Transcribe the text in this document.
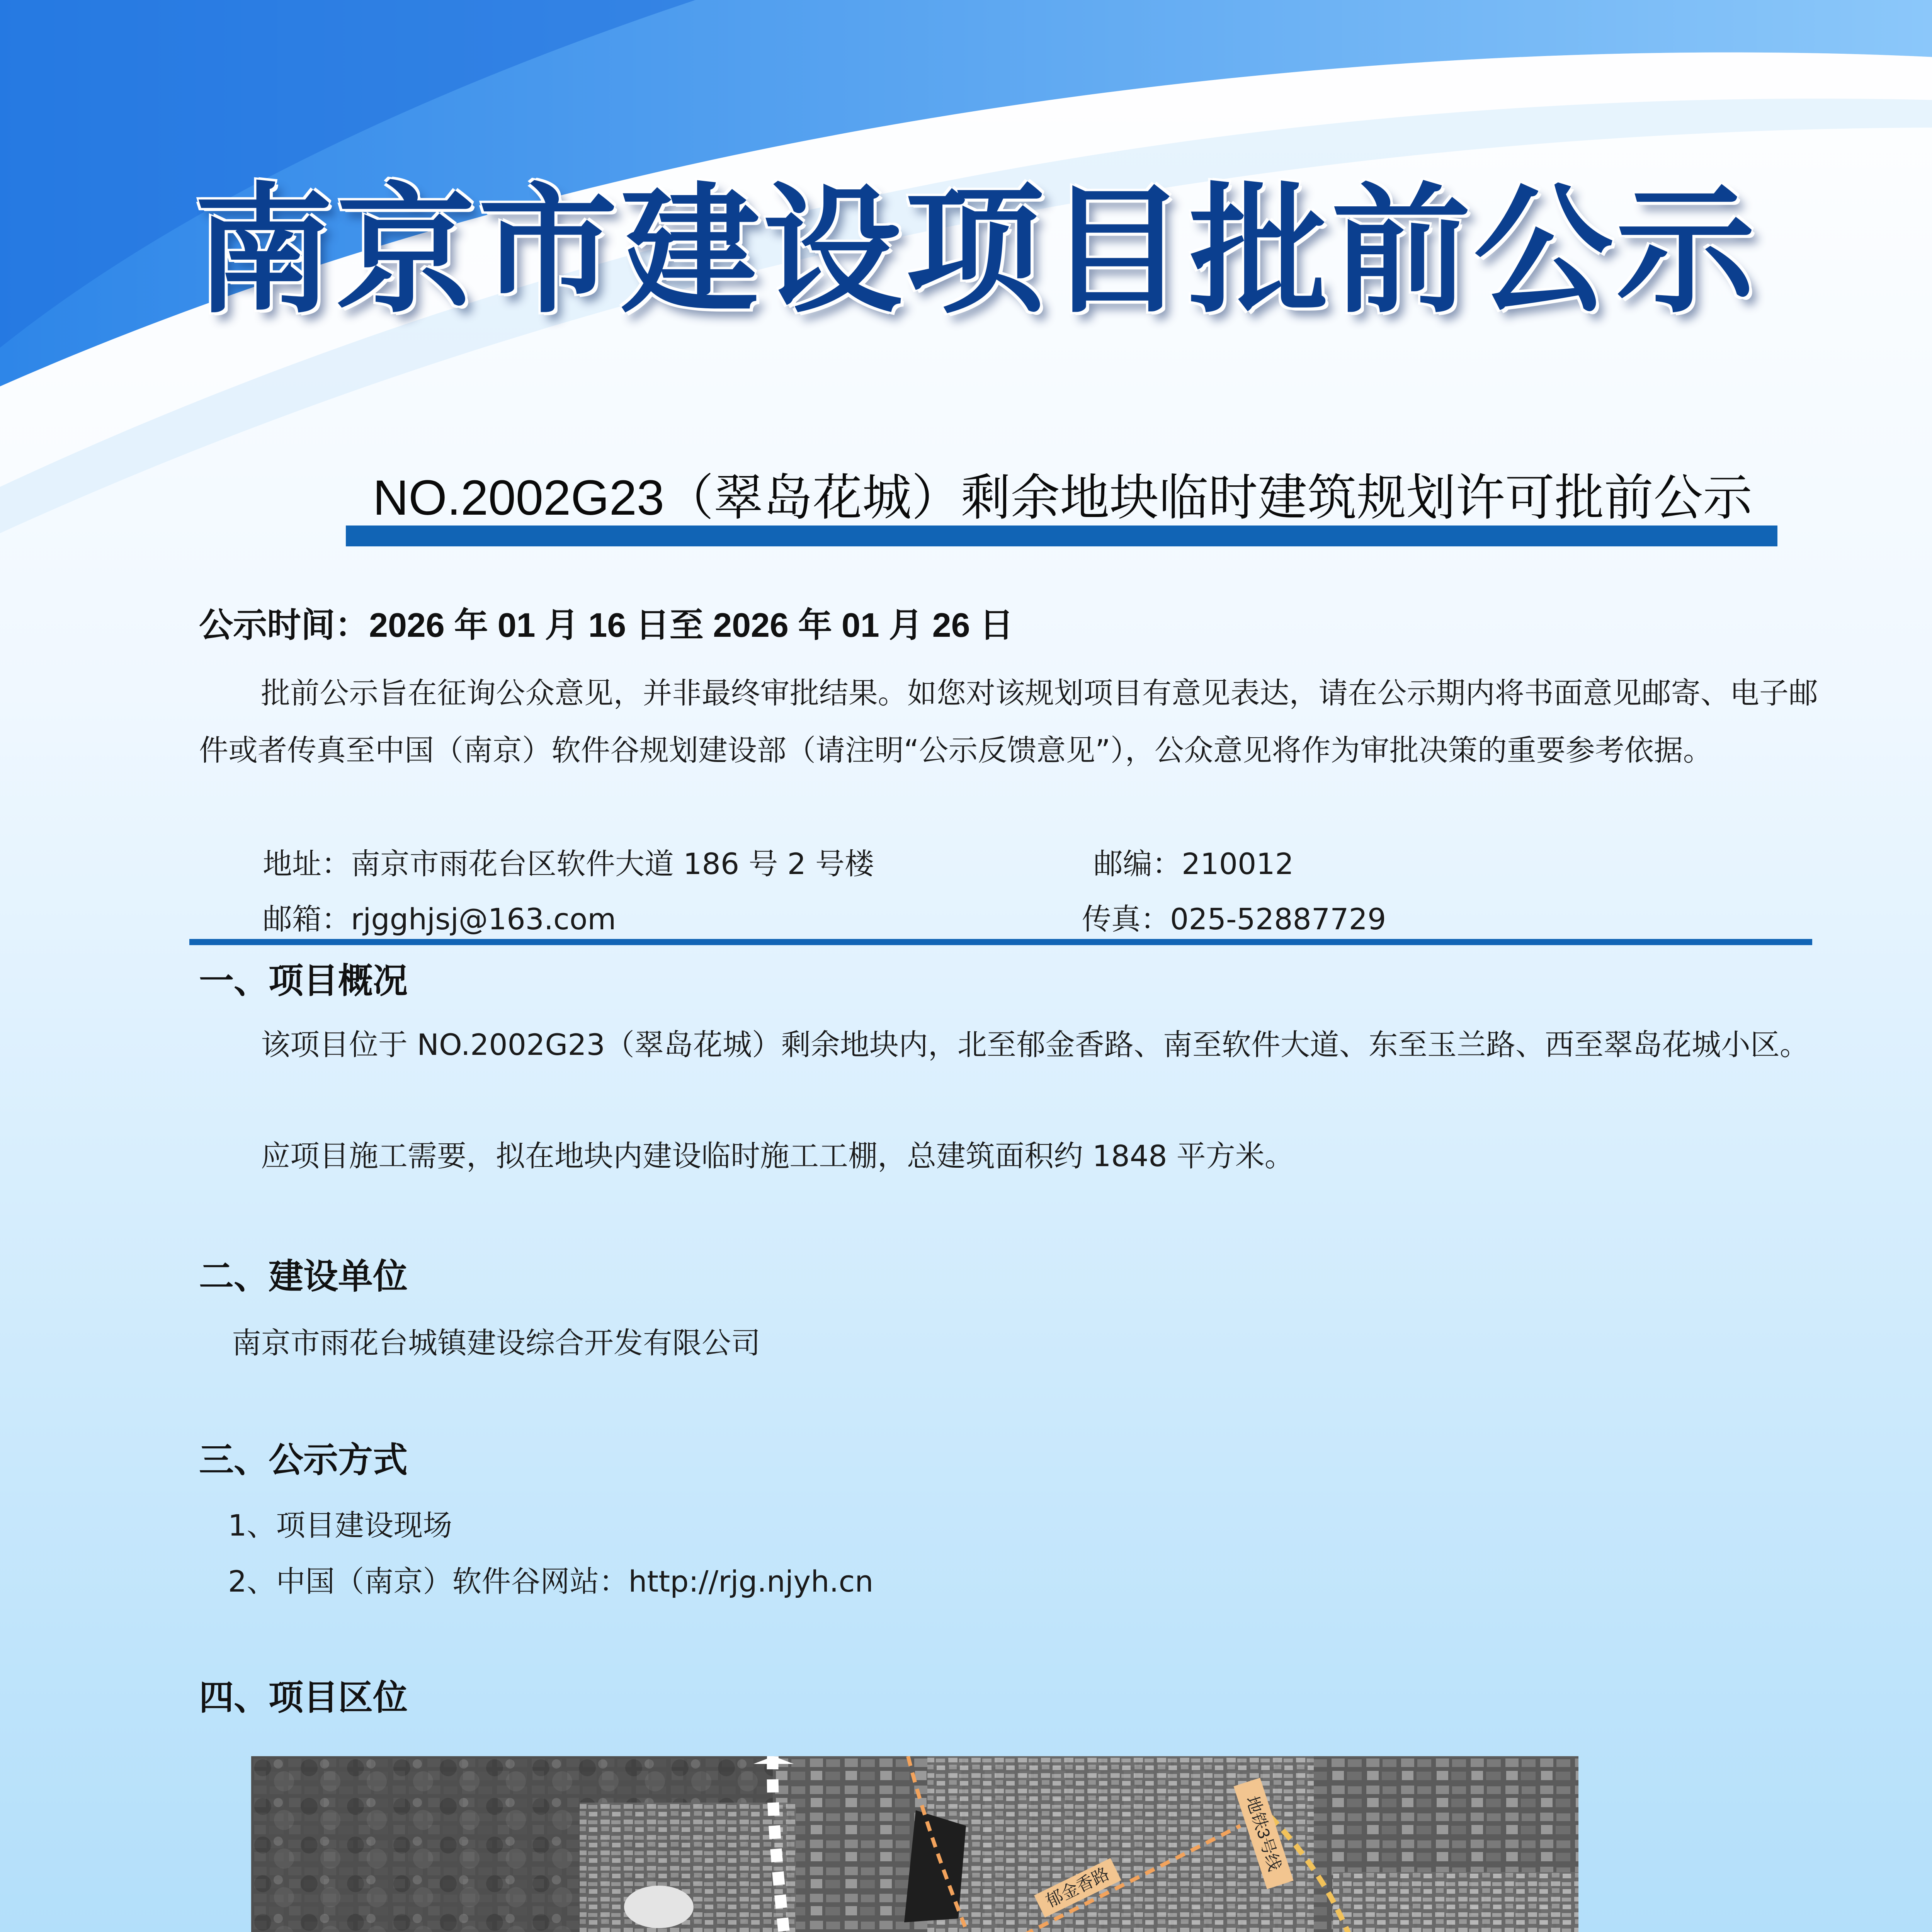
南京市建设项目批前公示
NO.2002G23（翠岛花城）剩余地块临时建筑规划许可批前公示
公示时间：2026 年 01 月 16 日至 2026 年 01 月 26 日
批前公示旨在征询公众意见，并非最终审批结果。如您对该规划项目有意见表达，请在公示期内将书面意见邮寄、电子邮件或者传真至中国（南京）软件谷规划建设部（请注明“公示反馈意见”），公众意见将作为审批决策的重要参考依据。
地址：南京市雨花台区软件大道 186 号 2 号楼	邮编：210012
邮箱：rjgghjsj@163.com	传真：025-52887729
一、项目概况
该项目位于 NO.2002G23（翠岛花城）剩余地块内，北至郁金香路、南至软件大道、东至玉兰路、西至翠岛花城小区。
应项目施工需要，拟在地块内建设临时施工工棚，总建筑面积约 1848 平方米。
二、建设单位
南京市雨花台城镇建设综合开发有限公司
三、公示方式
1、项目建设现场
2、中国（南京）软件谷网站：http://rjg.njyh.cn
四、项目区位
郁金香路
地铁3号线
